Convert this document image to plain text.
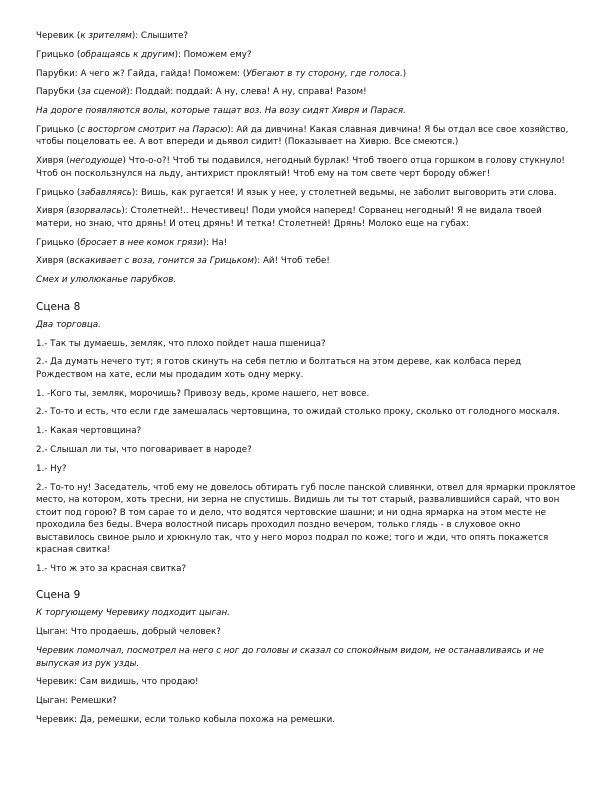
Черевик (к зрителям): Слышите?
Грицько (обращаясь к другим): Поможем ему?
Парубки: А чего ж? Гайда, гайда! Поможем: (Убегают в ту сторону, где голоса.)
Парубки (за сценой): Поддай: поддай: А ну, слева! А ну, справа! Разом!
На дороге появляются волы, которые тащат воз. На возу сидят Хивря и Парася.
Грицько (с восторгом смотрит на Парасю): Ай да дивчина! Какая славная дивчина! Я бы отдал все свое хозяйство, чтобы поцеловать ее. А вот впереди и дьявол сидит! (Показывает на Хиврю. Все смеются.)
Хивря (негодующе) Что-о-о?! Чтоб ты подавился, негодный бурлак! Чтоб твоего отца горшком в голову стукнуло! Чтоб он поскользнулся на льду, антихрист проклятый! Чтоб ему на том свете черт бороду обжег!
Грицько (забавляясь): Вишь, как ругается! И язык у нее, у столетней ведьмы, не заболит выговорить эти слова.
Хивря (взорвалась): Столетней!.. Нечестивец! Поди умойся наперед! Сорванец негодный! Я не видала твоей матери, но знаю, что дрянь! И отец дрянь! И тетка! Столетней! Дрянь! Молоко еще на губах:
Грицько (бросает в нее комок грязи): На!
Хивря (вскакивает с воза, гонится за Грицьком): Ай! Чтоб тебе!
Смех и улюлюканье парубков.
Сцена 8
Два торговца.
1.- Так ты думаешь, земляк, что плохо пойдет наша пшеница?
2.- Да думать нечего тут; я готов скинуть на себя петлю и болтаться на этом дереве, как колбаса перед Рождеством на хате, если мы продадим хоть одну мерку.
1. -Кого ты, земляк, морочишь? Привозу ведь, кроме нашего, нет вовсе.
2.- То-то и есть, что если где замешалась чертовщина, то ожидай столько проку, сколько от голодного москаля.
1.- Какая чертовщина?
2.- Слышал ли ты, что поговаривает в народе?
1.- Ну?
2.- То-то ну! Заседатель, чтоб ему не довелось обтирать губ после панской сливянки, отвел для ярмарки проклятое место, на котором, хоть тресни, ни зерна не спустишь. Видишь ли ты тот старый, развалившийся сарай, что вон стоит под горою? В том сарае то и дело, что водятся чертовские шашни; и ни одна ярмарка на этом месте не проходила без беды. Вчера волостной писарь проходил поздно вечером, только глядь - в слуховое окно выставилось свиное рыло и хрюкнуло так, что у него мороз подрал по коже; того и жди, что опять покажется красная свитка!
1.- Что ж это за красная свитка?
Сцена 9
К торгующему Черевику подходит цыган.
Цыган: Что продаешь, добрый человек?
Черевик помолчал, посмотрел на него с ног до головы и сказал со спокойным видом, не останавливаясь и не выпуская из рук узды.
Черевик: Сам видишь, что продаю!
Цыган: Ремешки?
Черевик: Да, ремешки, если только кобыла похожа на ремешки.
